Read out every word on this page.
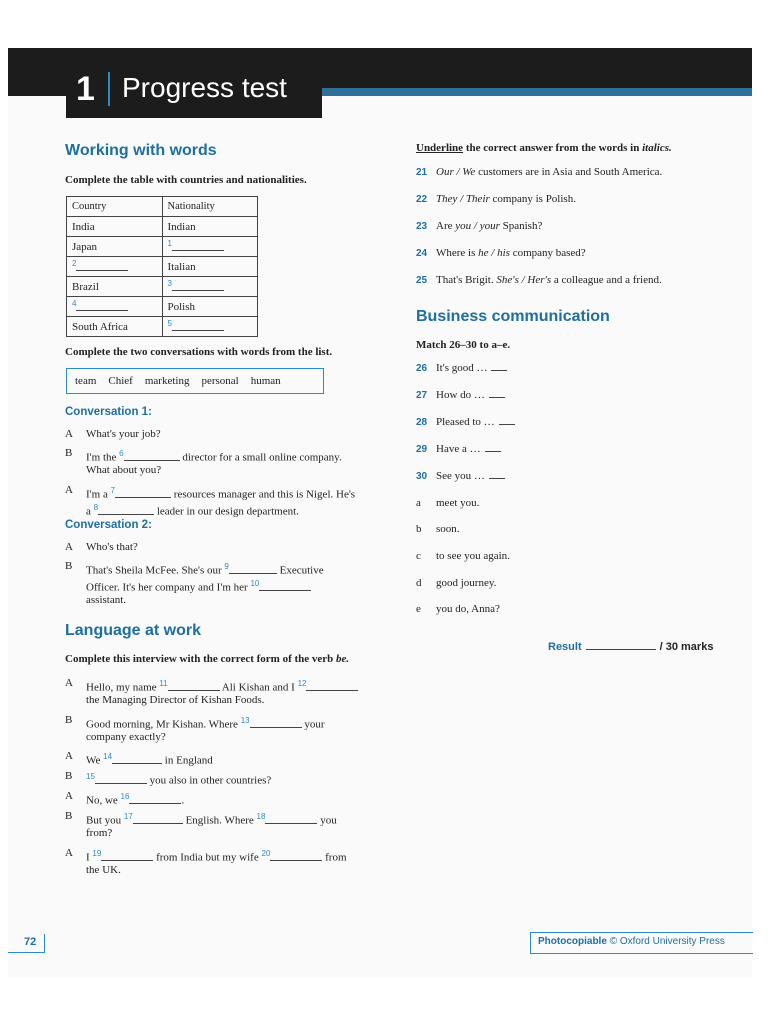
1 Progress test
Working with words

Complete the table with countries and nationalities.

Country	Nationality
India	Indian
Japan	$^1$
$^2$	Italian
Brazil	$^3$
$^4$	Polish
South Africa	$^5$

Complete the two conversations with words from the list.

team Chief marketing personal human
Conversation 1:
A	What's your job?
B	I'm the $^6$	director for a small online company.
What about you?
A	I'm a $^7$	resources manager and this is Nigel. He's
a $^8$	leader in our design department.
Conversation 2:
A	Who's that?
B	That's Sheila McFee. She's our $^9$	Executive
Officer. It's her company and I'm her $^{10}$
assistant.
Language at work

Complete this interview with the correct form of the verb be.

A	Hello, my name $^{11}$	Ali Kishan and I $^{12}$
the Managing Director of Kishan Foods.
B	Good morning, Mr Kishan. Where $^{13}$	your
company exactly?
A	We $^{14}$	in England
B	$^{15}$	you also in other countries?
A	No, we $^{16}$	.
B	But you $^{17}$	English. Where $^{18}$	you
from?
A	I $^{19}$	from India but my wife $^{20}$	from
the UK.

Underline the correct answer from the words in italics.

21 Our / We customers are in Asia and South America.
22 They / Their company is Polish.
23 Are you / your Spanish?
24 Where is he / his company based?
25 That's Brigit. She's / Her's a colleague and a friend.
Business communication

Match 26–30 to a–e.

26 It's good …
27 How do …
28 Pleased to …
29 Have a …
30 See you …
a meet you.
b soon.
c to see you again.
d good journey.
e you do, Anna?
Result	/ 30 marks
72	Photocopiable © Oxford University Press
